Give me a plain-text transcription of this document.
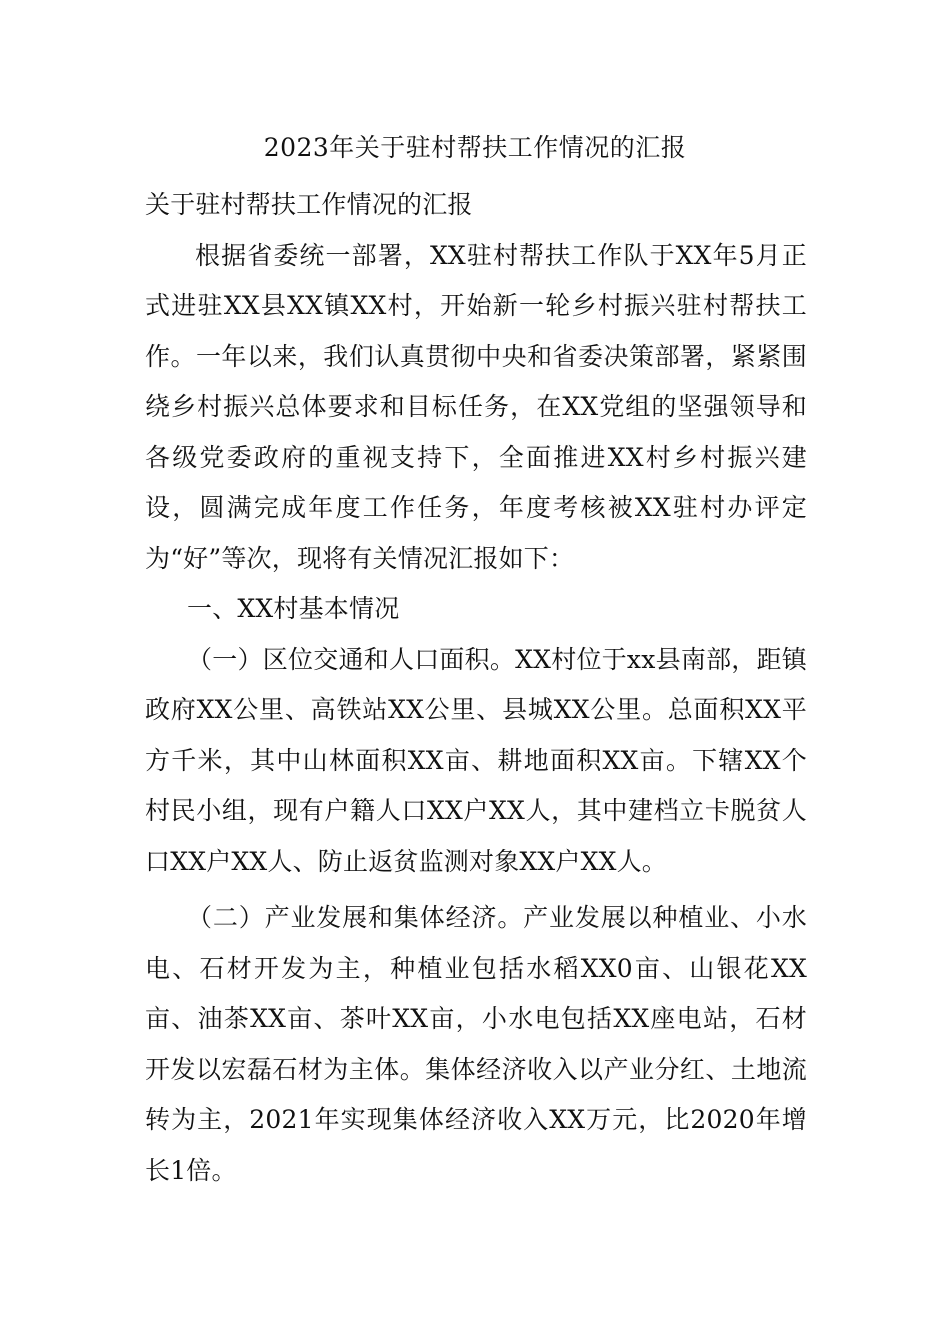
2023年关于驻村帮扶工作情况的汇报

关于驻村帮扶工作情况的汇报

根据省委统一部署，XX驻村帮扶工作队于XX年5月正式进驻XX县XX镇XX村，开始新一轮乡村振兴驻村帮扶工作。一年以来，我们认真贯彻中央和省委决策部署，紧紧围绕乡村振兴总体要求和目标任务，在XX党组的坚强领导和各级党委政府的重视支持下，全面推进XX村乡村振兴建设，圆满完成年度工作任务，年度考核被XX驻村办评定为“好”等次，现将有关情况汇报如下：

一、XX村基本情况

（一）区位交通和人口面积。XX村位于xx县南部，距镇政府XX公里、高铁站XX公里、县城XX公里。总面积XX平方千米，其中山林面积XX亩、耕地面积XX亩。下辖XX个村民小组，现有户籍人口XX户XX人，其中建档立卡脱贫人口XX户XX人、防止返贫监测对象XX户XX人。

（二）产业发展和集体经济。产业发展以种植业、小水电、石材开发为主，种植业包括水稻XX0亩、山银花XX亩、油茶XX亩、茶叶XX亩，小水电包括XX座电站，石材开发以宏磊石材为主体。集体经济收入以产业分红、土地流转为主，2021年实现集体经济收入XX万元，比2020年增长1倍。
